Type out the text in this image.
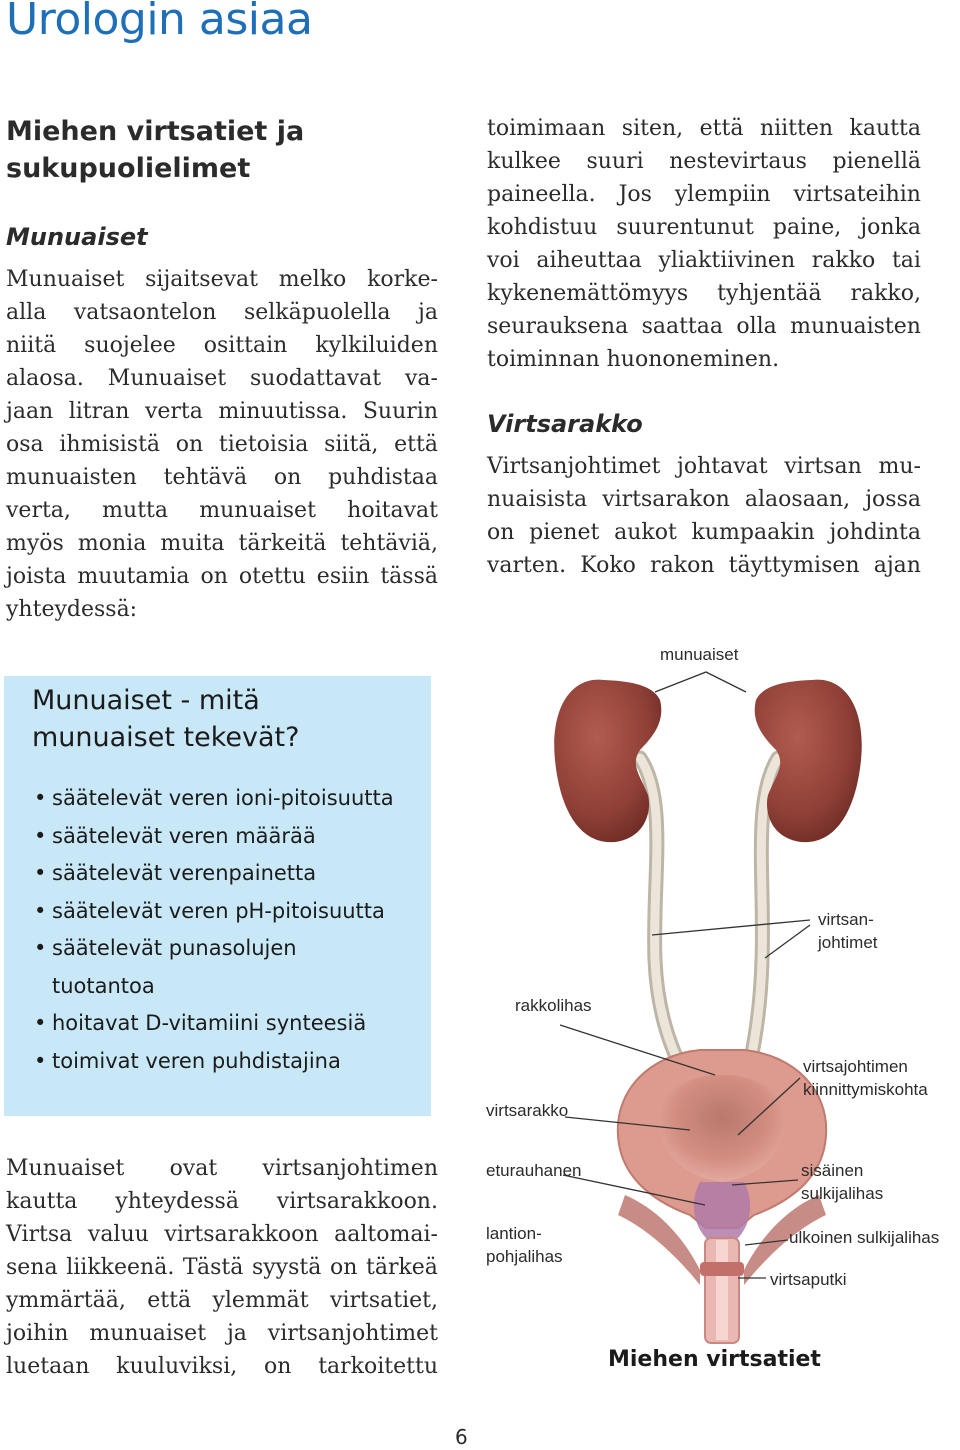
Urologin asiaa
Miehen virtsatiet ja
sukupuolielimet
Munuaiset
Munuaiset sijaitsevat melko korke-
alla vatsaontelon selkäpuolella ja
niitä suojelee osittain kylkiluiden
alaosa. Munuaiset suodattavat va-
jaan litran verta minuutissa. Suurin
osa ihmisistä on tietoisia siitä, että
munuaisten tehtävä on puhdistaa
verta, mutta munuaiset hoitavat
myös monia muita tärkeitä tehtäviä,
joista muutamia on otettu esiin tässä
yhteydessä:
Munuaiset - mitä
munuaiset tekevät?
• säätelevät veren ioni-pitoisuutta
• säätelevät veren määrää
• säätelevät verenpainetta
• säätelevät veren pH-pitoisuutta
• säätelevät punasolujen
tuotantoa
• hoitavat D-vitamiini synteesiä
• toimivat veren puhdistajina
Munuaiset ovat virtsanjohtimen
kautta yhteydessä virtsarakkoon.
Virtsa valuu virtsarakkoon aaltomai-
sena liikkeenä. Tästä syystä on tärkeä
ymmärtää, että ylemmät virtsatiet,
joihin munuaiset ja virtsanjohtimet
luetaan kuuluviksi, on tarkoitettu
toimimaan siten, että niitten kautta
kulkee suuri nestevirtaus pienellä
paineella. Jos ylempiin virtsateihin
kohdistuu suurentunut paine, jonka
voi aiheuttaa yliaktiivinen rakko tai
kykenemättömyys tyhjentää rakko,
seurauksena saattaa olla munuaisten
toiminnan huononeminen.
Virtsarakko
Virtsanjohtimet johtavat virtsan mu-
nuaisista virtsarakon alaosaan, jossa
on pienet aukot kumpaakin johdinta
varten. Koko rakon täyttymisen ajan
munuaiset
virtsan-
johtimet
rakkolihas
virtsarakko
virtsajohtimen
kiinnittymiskohta
eturauhanen	sisäinen
sulkijalihas
lantion-
pohjalihas
ulkoinen sulkijalihas
virtsaputki
Miehen virtsatiet
6
